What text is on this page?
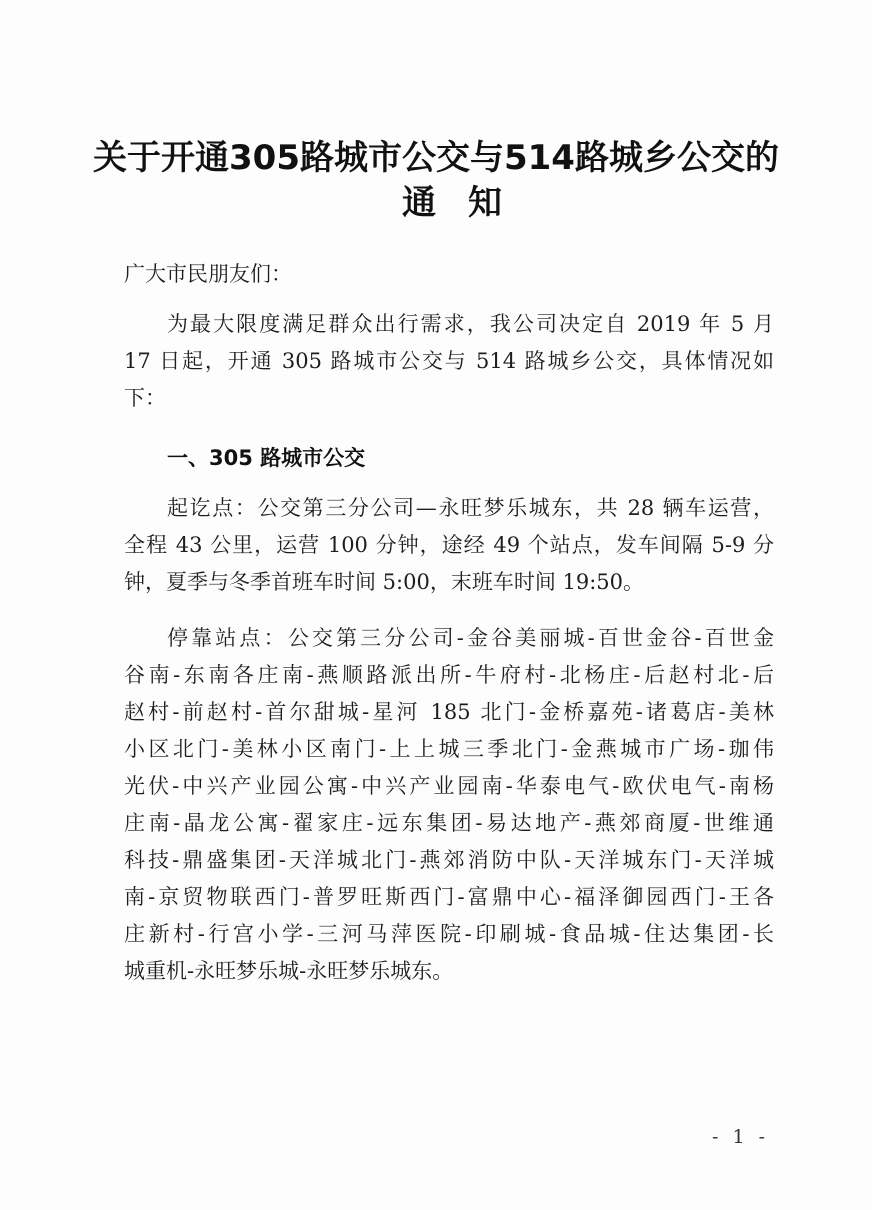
关于开通305路城市公交与514路城乡公交的
通知
广大市民朋友们：
为最大限度满足群众出行需求，我公司决定自 2019 年 5 月
17 日起，开通 305 路城市公交与 514 路城乡公交，具体情况如
下：
一、305 路城市公交
起讫点：公交第三分公司—永旺梦乐城东，共 28 辆车运营，
全程 43 公里，运营 100 分钟，途经 49 个站点，发车间隔 5-9 分
钟，夏季与冬季首班车时间 5:00，末班车时间 19:50。
停靠站点：公交第三分公司-金谷美丽城-百世金谷-百世金
谷南-东南各庄南-燕顺路派出所-牛府村-北杨庄-后赵村北-后
赵村-前赵村-首尔甜城-星河 185 北门-金桥嘉苑-诸葛店-美林
小区北门-美林小区南门-上上城三季北门-金燕城市广场-珈伟
光伏-中兴产业园公寓-中兴产业园南-华泰电气-欧伏电气-南杨
庄南-晶龙公寓-翟家庄-远东集团-易达地产-燕郊商厦-世维通
科技-鼎盛集团-天洋城北门-燕郊消防中队-天洋城东门-天洋城
南-京贸物联西门-普罗旺斯西门-富鼎中心-福泽御园西门-王各
庄新村-行宫小学-三河马萍医院-印刷城-食品城-住达集团-长
城重机-永旺梦乐城-永旺梦乐城东。
- 1 -
